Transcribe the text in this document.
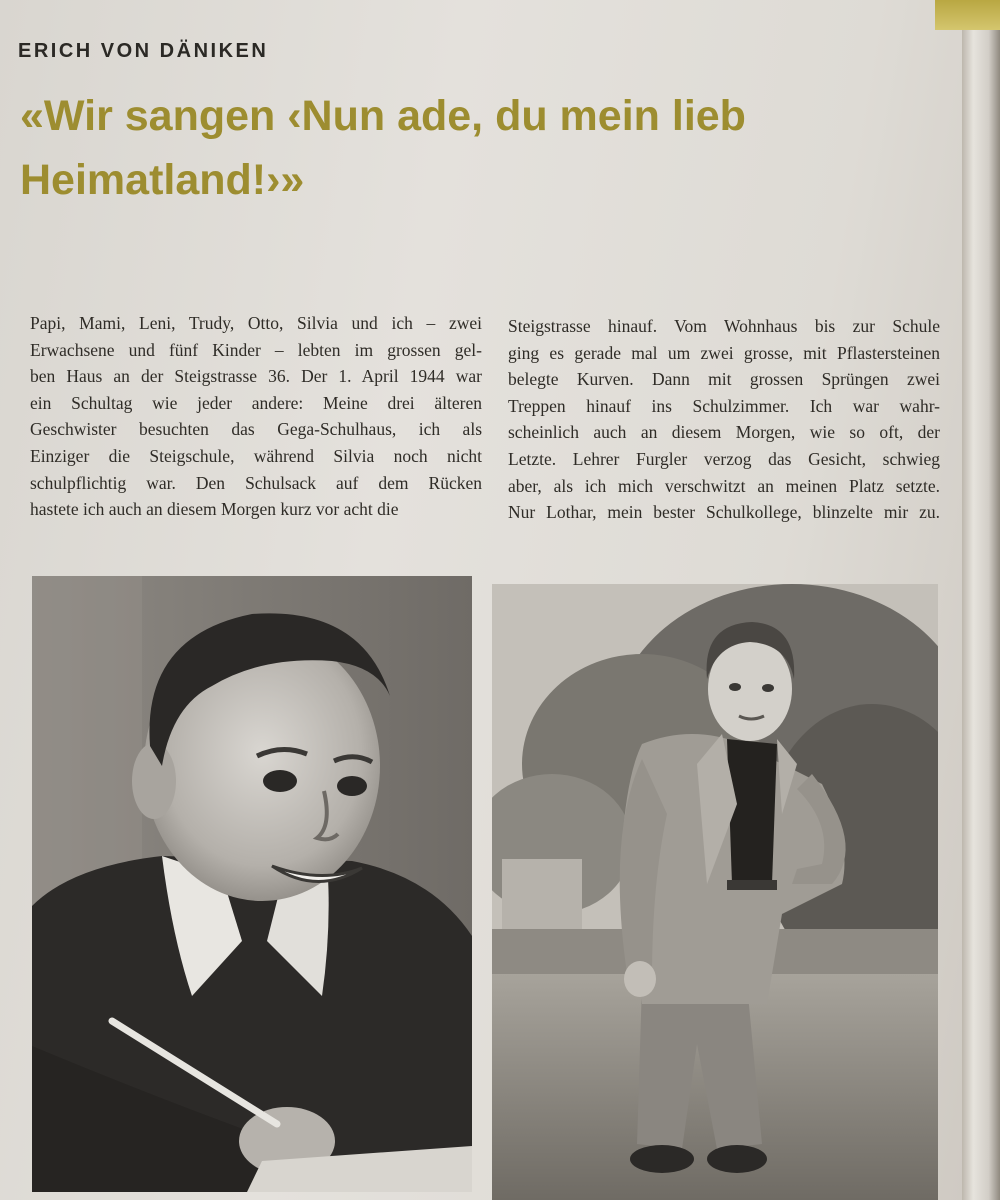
ERICH VON DÄNIKEN
«Wir sangen ‹Nun ade, du mein lieb
Heimatland!›»
Papi, Mami, Leni, Trudy, Otto, Silvia und ich – zwei
Erwachsene und fünf Kinder – lebten im grossen gel-
ben Haus an der Steigstrasse 36. Der 1. April 1944 war
ein Schultag wie jeder andere: Meine drei älteren
Geschwister besuchten das Gega-Schulhaus, ich als
Einziger die Steigschule, während Silvia noch nicht
schulpflichtig war. Den Schulsack auf dem Rücken
hastete ich auch an diesem Morgen kurz vor acht die
Steigstrasse hinauf. Vom Wohnhaus bis zur Schule
ging es gerade mal um zwei grosse, mit Pflastersteinen
belegte Kurven. Dann mit grossen Sprüngen zwei
Treppen hinauf ins Schulzimmer. Ich war wahr-
scheinlich auch an diesem Morgen, wie so oft, der
Letzte. Lehrer Furgler verzog das Gesicht, schwieg
aber, als ich mich verschwitzt an meinen Platz setzte.
Nur Lothar, mein bester Schulkollege, blinzelte mir zu.
